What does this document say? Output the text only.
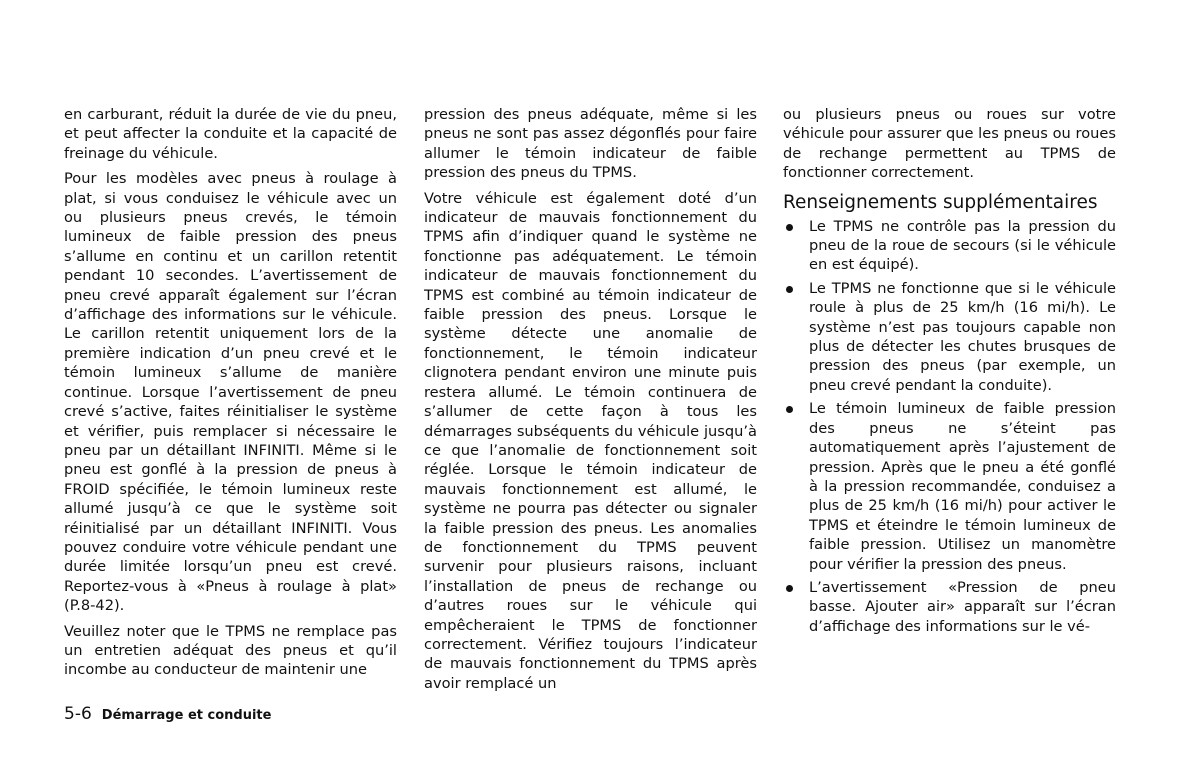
en carburant, réduit la durée de vie du pneu, et peut affecter la conduite et la capacité de freinage du véhicule.

Pour les modèles avec pneus à roulage à plat, si vous conduisez le véhicule avec un ou plusieurs pneus crevés, le témoin lumineux de faible pression des pneus s’allume en continu et un carillon retentit pendant 10 secondes. L’avertissement de pneu crevé apparaît également sur l’écran d’affichage des informations sur le véhicule. Le carillon retentit uniquement lors de la première indication d’un pneu crevé et le témoin lumineux s’allume de manière continue. Lorsque l’avertissement de pneu crevé s’active, faites réinitialiser le système et vérifier, puis remplacer si nécessaire le pneu par un détaillant INFINITI. Même si le pneu est gonflé à la pression de pneus à FROID spécifiée, le témoin lumineux reste allumé jusqu’à ce que le système soit réinitialisé par un détaillant INFINITI. Vous pouvez conduire votre véhicule pendant une durée limitée lorsqu’un pneu est crevé. Reportez-vous à «Pneus à roulage à plat» (P.8-42).

Veuillez noter que le TPMS ne remplace pas un entretien adéquat des pneus et qu’il incombe au conducteur de maintenir une

pression des pneus adéquate, même si les pneus ne sont pas assez dégonflés pour faire allumer le témoin indicateur de faible pression des pneus du TPMS.

Votre véhicule est également doté d’un indicateur de mauvais fonctionnement du TPMS afin d’indiquer quand le système ne fonctionne pas adéquatement. Le témoin indicateur de mauvais fonctionnement du TPMS est combiné au témoin indicateur de faible pression des pneus. Lorsque le système détecte une anomalie de fonctionnement, le témoin indicateur clignotera pendant environ une minute puis restera allumé. Le témoin continuera de s’allumer de cette façon à tous les démarrages subséquents du véhicule jusqu’à ce que l’anomalie de fonctionnement soit réglée. Lorsque le témoin indicateur de mauvais fonctionnement est allumé, le système ne pourra pas détecter ou signaler la faible pression des pneus. Les anomalies de fonctionnement du TPMS peuvent survenir pour plusieurs raisons, incluant l’installation de pneus de rechange ou d’autres roues sur le véhicule qui empêcheraient le TPMS de fonctionner correctement. Vérifiez toujours l’indicateur de mauvais fonctionnement du TPMS après avoir remplacé un

ou plusieurs pneus ou roues sur votre véhicule pour assurer que les pneus ou roues de rechange permettent au TPMS de fonctionner correctement.

Renseignements supplémentaires
Le TPMS ne contrôle pas la pression du pneu de la roue de secours (si le véhicule en est équipé).
Le TPMS ne fonctionne que si le véhicule roule à plus de 25 km/h (16 mi/h). Le système n’est pas toujours capable non plus de détecter les chutes brusques de pression des pneus (par exemple, un pneu crevé pendant la conduite).
Le témoin lumineux de faible pression des pneus ne s’éteint pas automatiquement après l’ajustement de pression. Après que le pneu a été gonflé à la pression recommandée, conduisez a plus de 25 km/h (16 mi/h) pour activer le TPMS et éteindre le témoin lumineux de faible pression. Utilisez un manomètre pour vérifier la pression des pneus.
L’avertissement «Pression de pneu basse. Ajouter air» apparaît sur l’écran d’affichage des informations sur le vé-
5-6 Démarrage et conduite
